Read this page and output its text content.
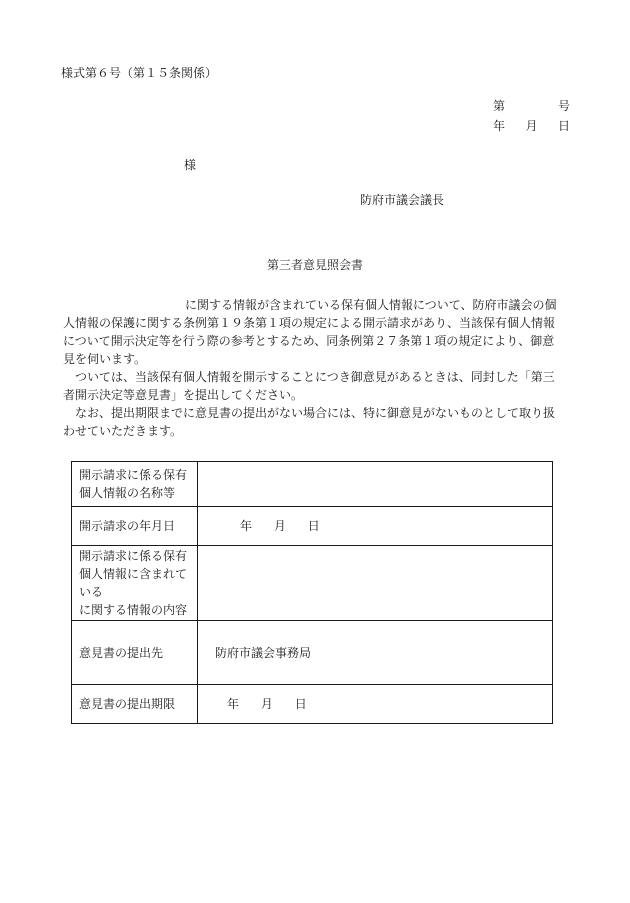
様式第６号（第１５条関係）
第	号
年 月 日
様
防府市議会議長
第三者意見照会書
に関する情報が含まれている保有個人情報について、防府市議会の個
人情報の保護に関する条例第１９条第１項の規定による開示請求があり、当該保有個人情報
について開示決定等を行う際の参考とするため、同条例第２７条第１項の規定により、御意
見を伺います。
ついては、当該保有個人情報を開示することにつき御意見があるときは、同封した「第三
者開示決定等意見書」を提出してください。
なお、提出期限までに意見書の提出がない場合には、特に御意見がないものとして取り扱
わせていただきます。
開示請求に係る保有
個人情報の名称等	

開示請求の年月日	年 月 日

開示請求に係る保有
個人情報に含まれて
いる
に関する情報の内容	

意見書の提出先	防府市議会事務局
意見書の提出期限	年 月 日
